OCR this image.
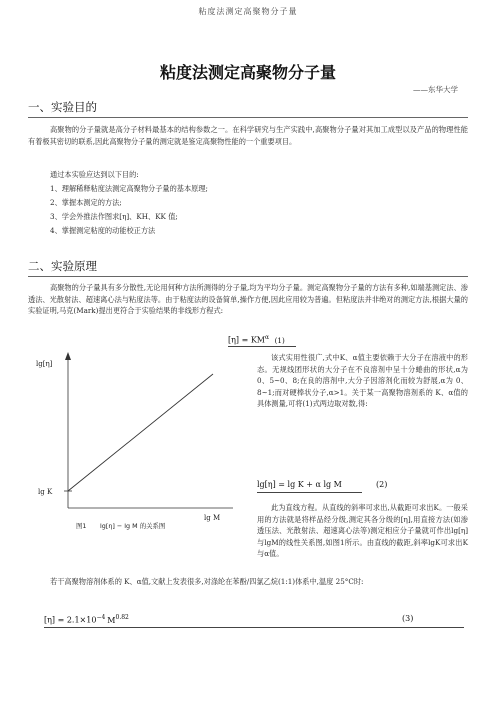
粘度法测定高聚物分子量
粘度法测定高聚物分子量
——东华大学
一、实验目的

高聚物的分子量就是高分子材料最基本的结构参数之一。在科学研究与生产实践中,高聚物分子量对其加工成型以及产品的物理性能有着极其密切的联系,因此高聚物分子量的测定就是鉴定高聚物性能的一个重要项目。

通过本实验应达到以下目的:
1、理解稀释粘度法测定高聚物分子量的基本原理;
2、掌握本测定的方法;
3、学会外推法作图求[η]、KH、KK 值;
4、掌握测定粘度的动能校正方法
二、实验原理

高聚物的分子量具有多分散性,无论用何种方法所测得的分子量,均为平均分子量。测定高聚物分子量的方法有多种,如端基测定法、渗透法、光散射法、超速离心法与粘度法等。由于粘度法的设备简单,操作方便,因此应用较为普遍。但粘度法并非绝对的测定方法,根据大量的实验证明,马克(Mark)提出更符合于实验结果的非线形方程式:

$[\eta] = KM^\alpha$ (1)
lg[η]
lg K
lg M
图1 lg[η] − lg M 的关系图

该式实用性很广,式中K、α值主要依赖于大分子在溶液中的形态。无规线团形状的大分子在不良溶剂中呈十分蜷曲的形状,α为 0、5~0、8;在良的溶剂中,大分子因溶剂化而较为舒展,α为 0、8~1;而对硬棒状分子,α>1。关于某一高聚物溶剂系的 K、α值的具体测量,可将(1)式两边取对数,得:

lg[η] = lg K + α lg M	(2)

此为直线方程。从直线的斜率可求出,从截距可求出K。一般采用的方法就是将样品经分级,测定其各分级的[η],用直接方法(如渗透压法、光散射法、超速离心法等)测定相应分子量就可作出lg[η]与lgM的线性关系图,如图1所示。由直线的截距,斜率lgK可求出K与α值。

若干高聚物溶剂体系的 K、α值,文献上发表很多,对涤纶在苯酚/四氯乙烷(1:1)体系中,温度 25°C时:

$[\eta] = 2.1\times 10^{-4}$ $M^{0.82}$	(3)
